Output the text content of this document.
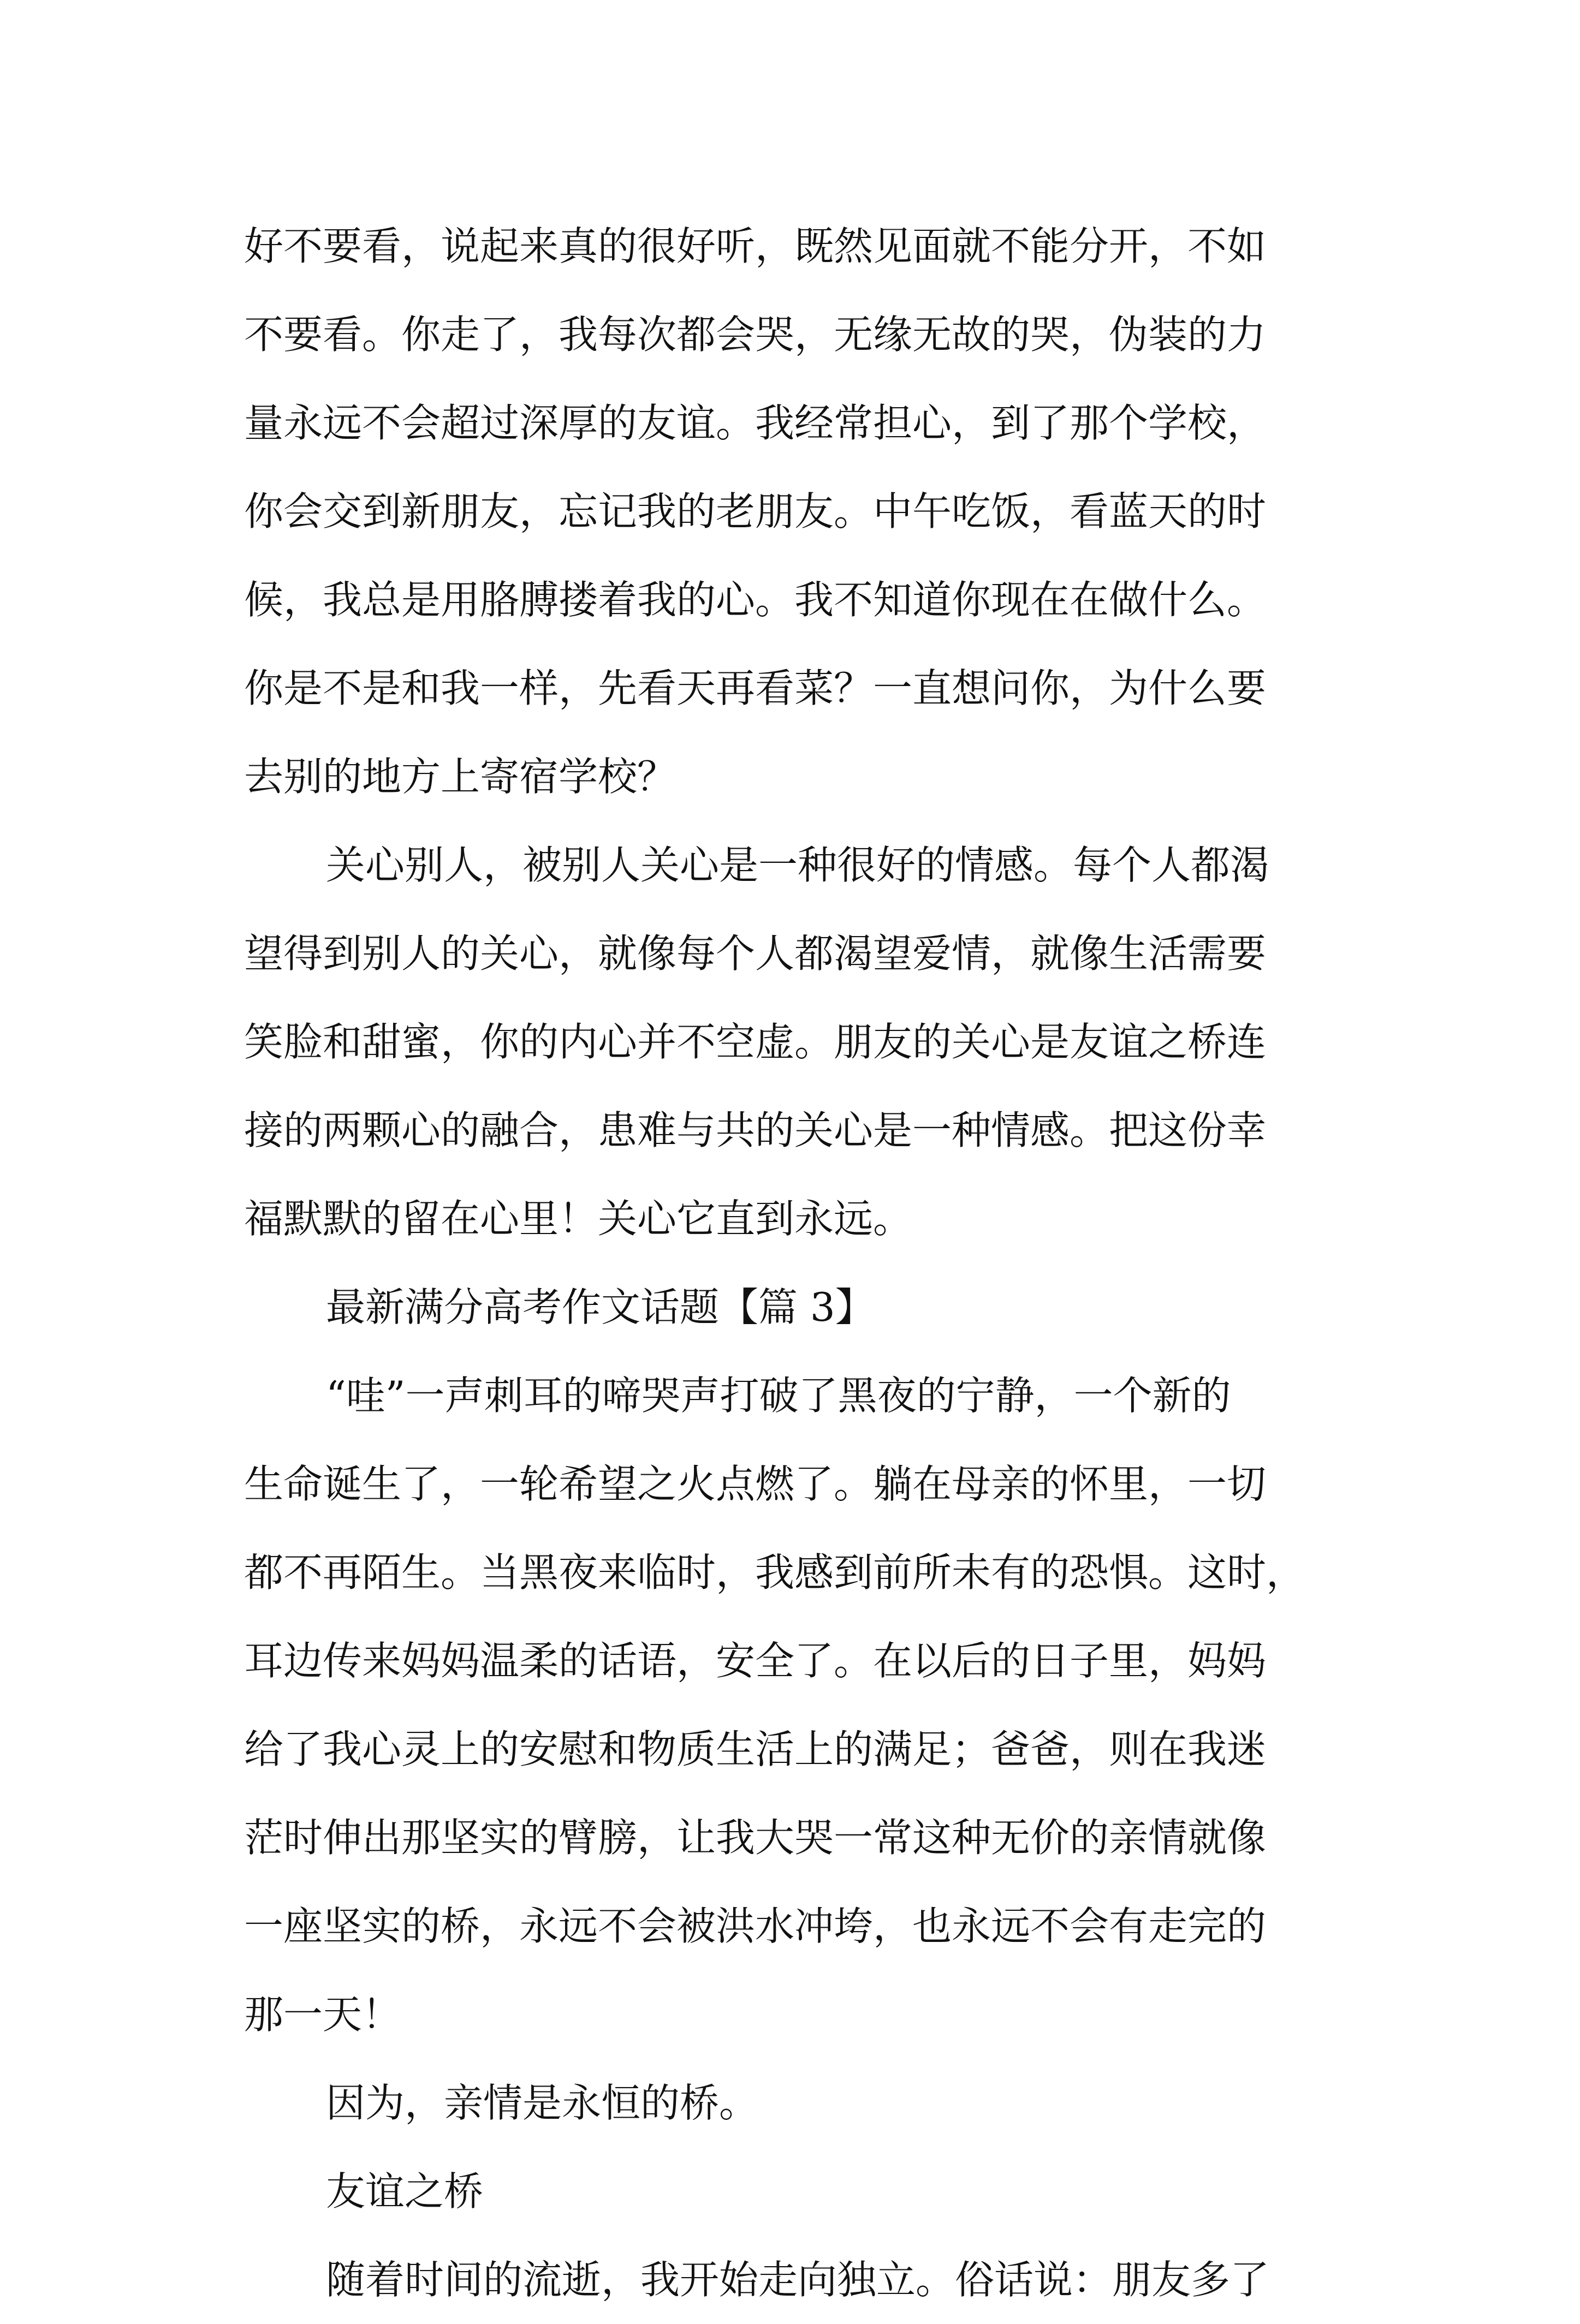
好不要看，说起来真的很好听，既然见面就不能分开，不如
不要看。你走了，我每次都会哭，无缘无故的哭，伪装的力
量永远不会超过深厚的友谊。我经常担心，到了那个学校，
你会交到新朋友，忘记我的老朋友。中午吃饭，看蓝天的时
候，我总是用胳膊搂着我的心。我不知道你现在在做什么。
你是不是和我一样，先看天再看菜？一直想问你，为什么要
去别的地方上寄宿学校？
关心别人，被别人关心是一种很好的情感。每个人都渴
望得到别人的关心，就像每个人都渴望爱情，就像生活需要
笑脸和甜蜜，你的内心并不空虚。朋友的关心是友谊之桥连
接的两颗心的融合，患难与共的关心是一种情感。把这份幸
福默默的留在心里！关心它直到永远。
最新满分高考作文话题【篇 3】
“哇”一声刺耳的啼哭声打破了黑夜的宁静，一个新的
生命诞生了，一轮希望之火点燃了。躺在母亲的怀里，一切
都不再陌生。当黑夜来临时，我感到前所未有的恐惧。这时，
耳边传来妈妈温柔的话语，安全了。在以后的日子里，妈妈
给了我心灵上的安慰和物质生活上的满足；爸爸，则在我迷
茫时伸出那坚实的臂膀，让我大哭一常这种无价的亲情就像
一座坚实的桥，永远不会被洪水冲垮，也永远不会有走完的
那一天！
因为，亲情是永恒的桥。
友谊之桥
随着时间的流逝，我开始走向独立。俗话说：朋友多了
